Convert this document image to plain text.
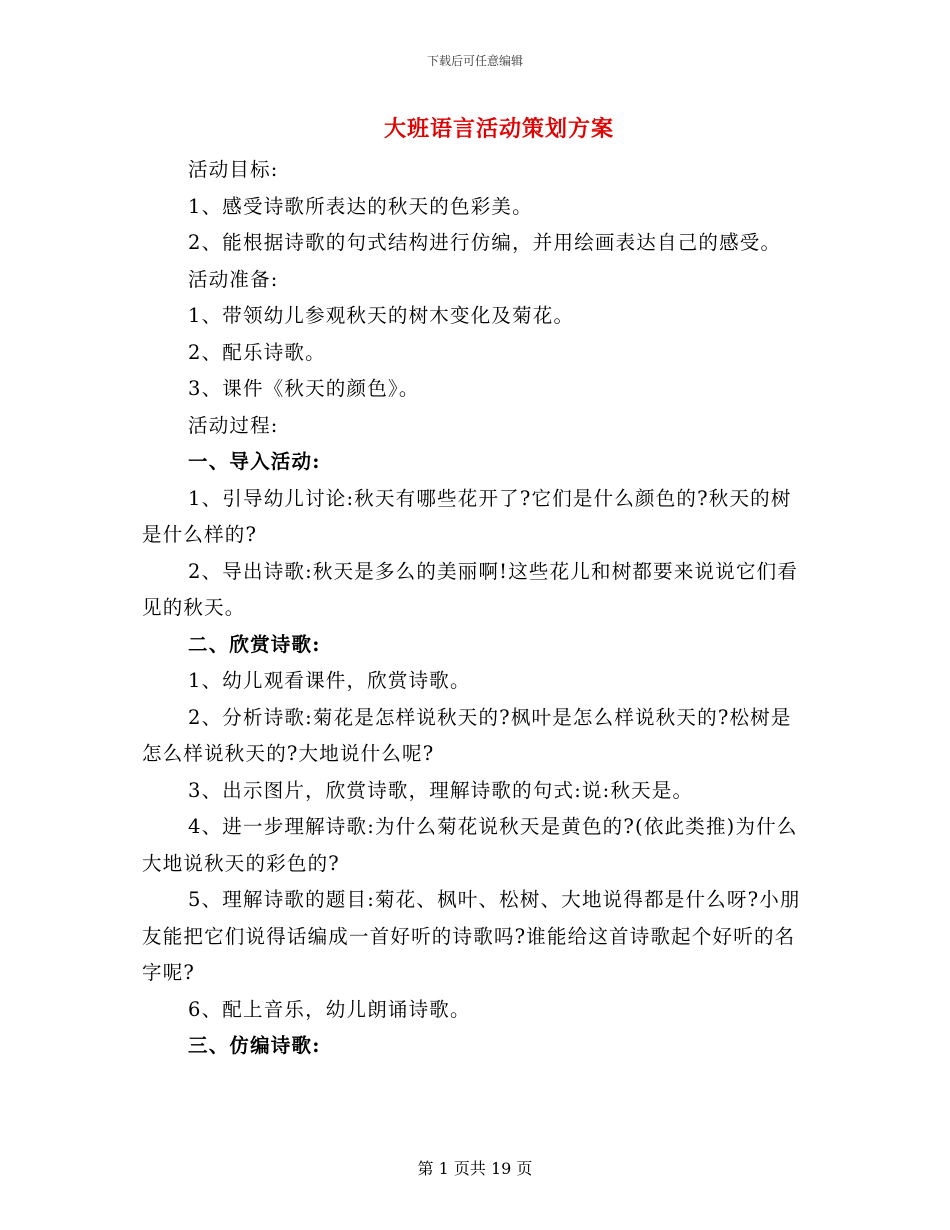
下载后可任意编辑
大班语言活动策划方案

活动目标:

1、感受诗歌所表达的秋天的色彩美。

2、能根据诗歌的句式结构进行仿编，并用绘画表达自己的感受。

活动准备:

1、带领幼儿参观秋天的树木变化及菊花。

2、配乐诗歌。

3、课件《秋天的颜色》。

活动过程:

一、导入活动:

1、引导幼儿讨论:秋天有哪些花开了?它们是什么颜色的?秋天的树是什么样的?

2、导出诗歌:秋天是多么的美丽啊!这些花儿和树都要来说说它们看见的秋天。

二、欣赏诗歌:

1、幼儿观看课件，欣赏诗歌。

2、分析诗歌:菊花是怎样说秋天的?枫叶是怎么样说秋天的?松树是怎么样说秋天的?大地说什么呢?

3、出示图片，欣赏诗歌，理解诗歌的句式:说:秋天是。

4、进一步理解诗歌:为什么菊花说秋天是黄色的?(依此类推)为什么大地说秋天的彩色的?

5、理解诗歌的题目:菊花、枫叶、松树、大地说得都是什么呀?小朋友能把它们说得话编成一首好听的诗歌吗?谁能给这首诗歌起个好听的名字呢?

6、配上音乐，幼儿朗诵诗歌。

三、仿编诗歌:

第 1 页共 19 页
